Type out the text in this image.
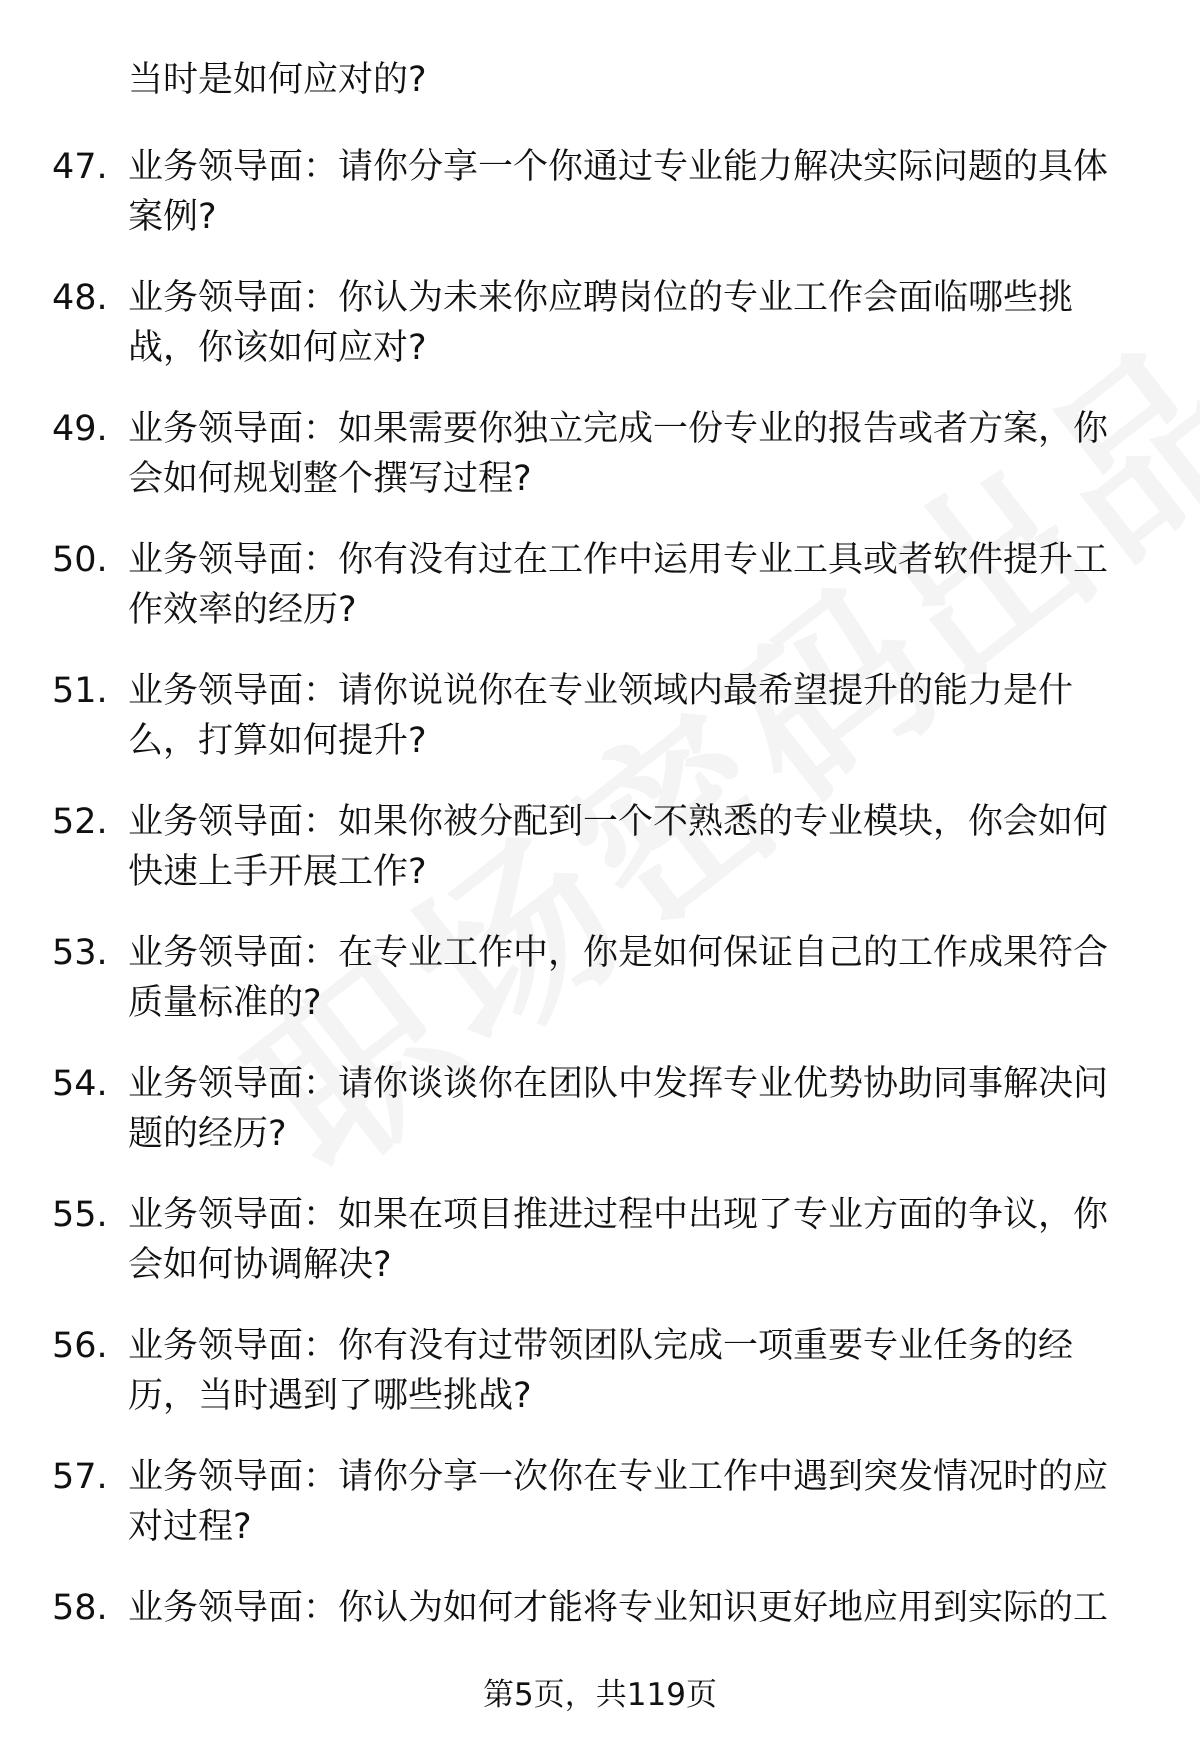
当时是如何应对的?
47. 业务领导面：请你分享一个你通过专业能力解决实际问题的具体案例?
48. 业务领导面：你认为未来你应聘岗位的专业工作会面临哪些挑战，你该如何应对?
49. 业务领导面：如果需要你独立完成一份专业的报告或者方案，你会如何规划整个撰写过程?
50. 业务领导面：你有没有过在工作中运用专业工具或者软件提升工作效率的经历?
51. 业务领导面：请你说说你在专业领域内最希望提升的能力是什么，打算如何提升?
52. 业务领导面：如果你被分配到一个不熟悉的专业模块，你会如何快速上手开展工作?
53. 业务领导面：在专业工作中，你是如何保证自己的工作成果符合质量标准的?
54. 业务领导面：请你谈谈你在团队中发挥专业优势协助同事解决问题的经历?
55. 业务领导面：如果在项目推进过程中出现了专业方面的争议，你会如何协调解决?
56. 业务领导面：你有没有过带领团队完成一项重要专业任务的经历，当时遇到了哪些挑战?
57. 业务领导面：请你分享一次你在专业工作中遇到突发情况时的应对过程?
58. 业务领导面：你认为如何才能将专业知识更好地应用到实际的工
第5页，共119页
